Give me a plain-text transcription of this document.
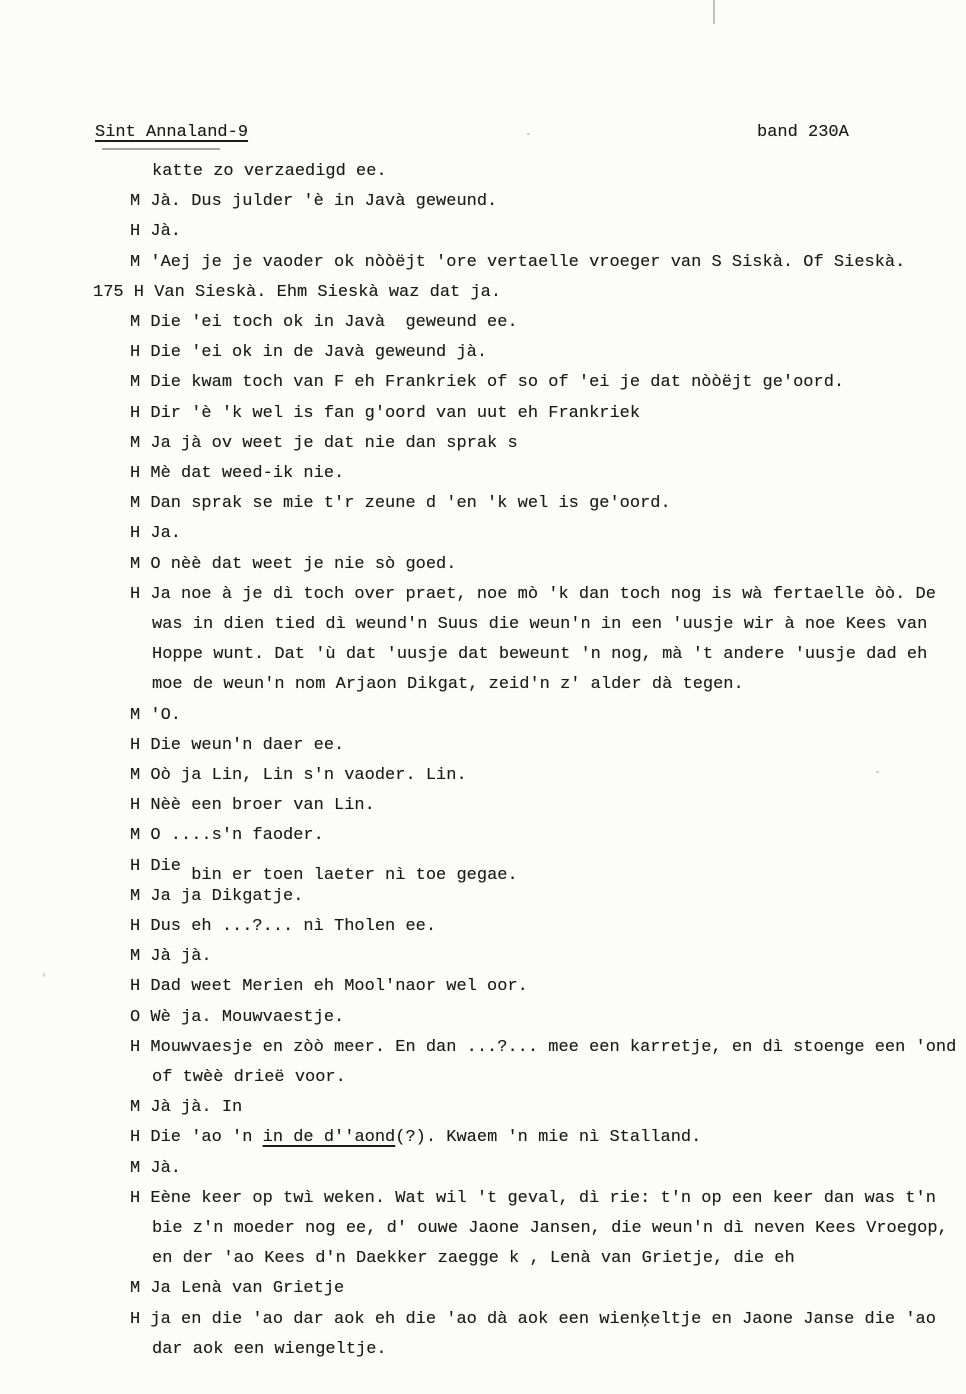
Sint Annaland-9	band 230A
katte zo verzaedigd ee.
M Jà. Dus julder 'è in Javà geweund.
H Jà.
M 'Aej je je vaoder ok nòòëjt 'ore vertaelle vroeger van S Siskà. Of Sieskà.
175 H Van Sieskà. Ehm Sieskà waz dat ja.
M Die 'ei toch ok in Javà  geweund ee.
H Die 'ei ok in de Javà geweund jà.
M Die kwam toch van F eh Frankriek of so of 'ei je dat nòòëjt ge'oord.
H Dir 'è 'k wel is fan g'oord van uut eh Frankriek
M Ja jà ov weet je dat nie dan sprak s
H Mè dat weed-ik nie.
M Dan sprak se mie t'r zeune d 'en 'k wel is ge'oord.
H Ja.
M O nèè dat weet je nie sò goed.
H Ja noe à je dì toch over praet, noe mò 'k dan toch nog is wà fertaelle òò. De
was in dien tied dì weund'n Suus die weun'n in een 'uusje wir à noe Kees van
Hoppe wunt. Dat 'ù dat 'uusje dat beweunt 'n nog, mà 't andere 'uusje dad eh
moe de weun'n nom Arjaon Dikgat, zeid'n z' alder dà tegen.
M 'O.
H Die weun'n daer ee.
M Oò ja Lin, Lin s'n vaoder. Lin.
H Nèè een broer van Lin.
M O ....s'n faoder.
H Die bin er toen laeter nì toe gegae.
M Ja ja Dikgatje.
H Dus eh ...?... nì Tholen ee.
M Jà jà.
H Dad weet Merien eh Mool'naor wel oor.
O Wè ja. Mouwvaestje.
H Mouwvaesje en zòò meer. En dan ...?... mee een karretje, en dì stoenge een 'ond
of twèè drieë voor.
M Jà jà. In
H Die 'ao 'n in de d''aond(?). Kwaem 'n mie nì Stalland.
M Jà.
H Eène keer op twì weken. Wat wil 't geval, dì rie: t'n op een keer dan was t'n
bie z'n moeder nog ee, d' ouwe Jaone Jansen, die weun'n dì neven Kees Vroegop,
en der 'ao Kees d'n Daekker zaegge k , Lenà van Grietje, die eh
M Ja Lenà van Grietje
H ja en die 'ao dar aok eh die 'ao dà aok een wienķeltje en Jaone Janse die 'ao
dar aok een wiengeltje.
